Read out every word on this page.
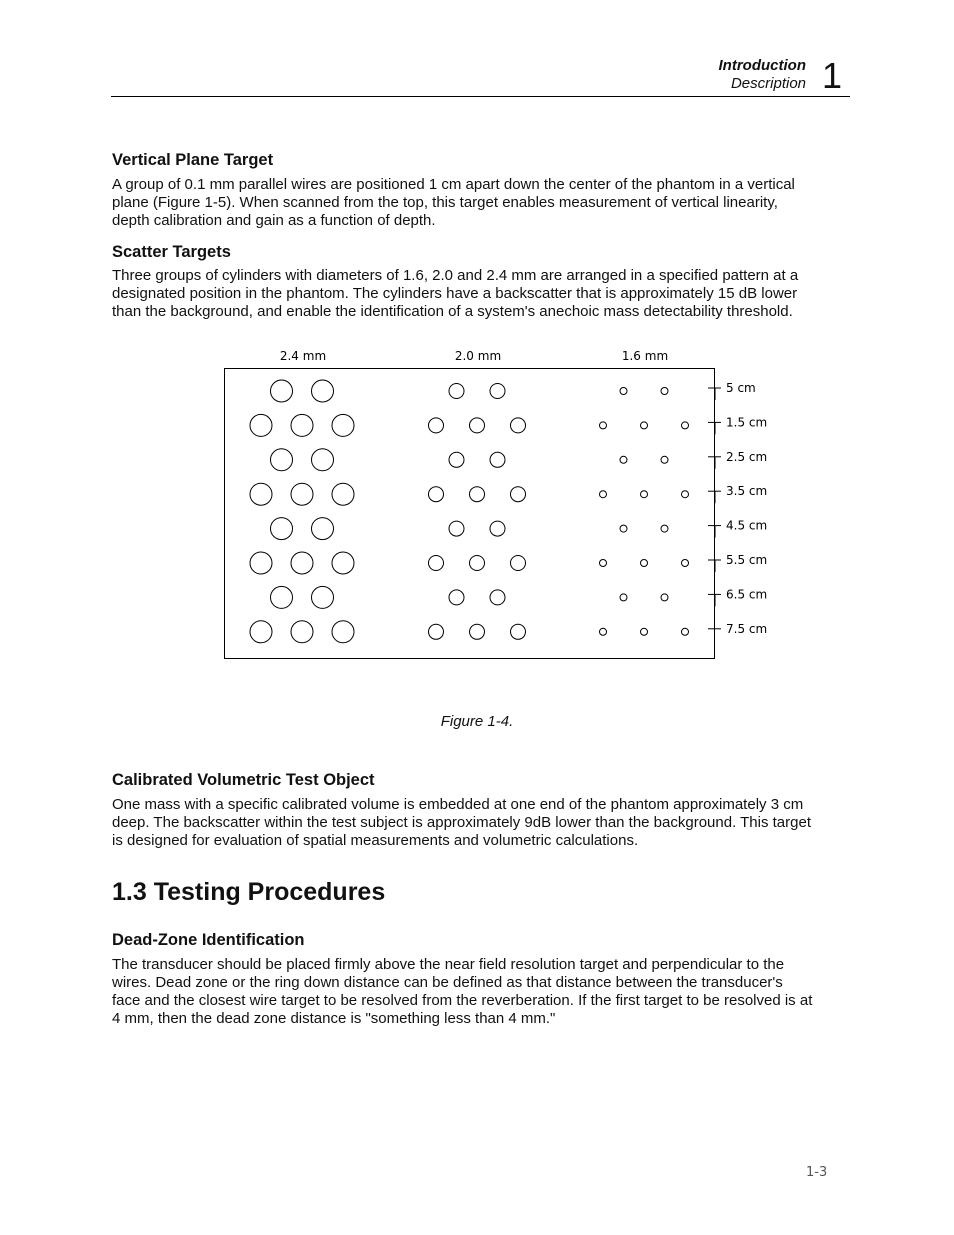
Introduction
Description 1
Vertical Plane Target
A group of 0.1 mm parallel wires are positioned 1 cm apart down the center of the phantom in a vertical
plane (Figure 1-5). When scanned from the top, this target enables measurement of vertical linearity,
depth calibration and gain as a function of depth.
Scatter Targets
Three groups of cylinders with diameters of 1.6, 2.0 and 2.4 mm are arranged in a specified pattern at a
designated position in the phantom. The cylinders have a backscatter that is approximately 15 dB lower
than the background, and enable the identification of a system's anechoic mass detectability threshold.
2.4 mm	2.0 mm	1.6 mm
5 cm
1.5 cm
2.5 cm
3.5 cm
4.5 cm
5.5 cm
6.5 cm
7.5 cm
Figure 1-4.
Calibrated Volumetric Test Object
One mass with a specific calibrated volume is embedded at one end of the phantom approximately 3 cm
deep. The backscatter within the test subject is approximately 9dB lower than the background. This target
is designed for evaluation of spatial measurements and volumetric calculations.
1.3 Testing Procedures
Dead-Zone Identification
The transducer should be placed firmly above the near field resolution target and perpendicular to the
wires. Dead zone or the ring down distance can be defined as that distance between the transducer's
face and the closest wire target to be resolved from the reverberation. If the first target to be resolved is at
4 mm, then the dead zone distance is "something less than 4 mm."
1-3
